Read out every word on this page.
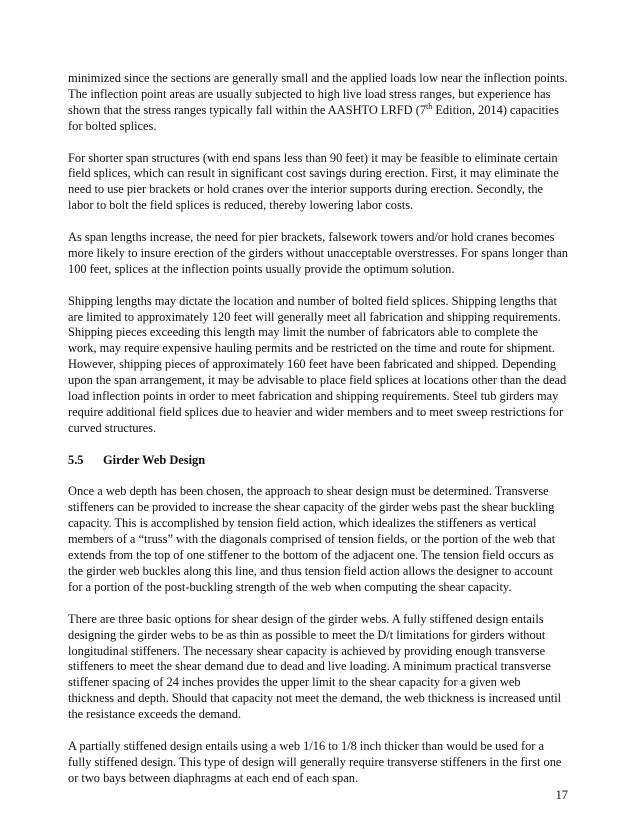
minimized since the sections are generally small and the applied loads low near the inflection points. The inflection point areas are usually subjected to high live load stress ranges, but experience has shown that the stress ranges typically fall within the AASHTO LRFD (7th Edition, 2014) capacities for bolted splices.

For shorter span structures (with end spans less than 90 feet) it may be feasible to eliminate certain field splices, which can result in significant cost savings during erection. First, it may eliminate the need to use pier brackets or hold cranes over the interior supports during erection. Secondly, the labor to bolt the field splices is reduced, thereby lowering labor costs.

As span lengths increase, the need for pier brackets, falsework towers and/or hold cranes becomes more likely to insure erection of the girders without unacceptable overstresses. For spans longer than 100 feet, splices at the inflection points usually provide the optimum solution.

Shipping lengths may dictate the location and number of bolted field splices. Shipping lengths that are limited to approximately 120 feet will generally meet all fabrication and shipping requirements. Shipping pieces exceeding this length may limit the number of fabricators able to complete the work, may require expensive hauling permits and be restricted on the time and route for shipment. However, shipping pieces of approximately 160 feet have been fabricated and shipped. Depending upon the span arrangement, it may be advisable to place field splices at locations other than the dead load inflection points in order to meet fabrication and shipping requirements. Steel tub girders may require additional field splices due to heavier and wider members and to meet sweep restrictions for curved structures.

5.5 Girder Web Design

Once a web depth has been chosen, the approach to shear design must be determined. Transverse stiffeners can be provided to increase the shear capacity of the girder webs past the shear buckling capacity. This is accomplished by tension field action, which idealizes the stiffeners as vertical members of a “truss” with the diagonals comprised of tension fields, or the portion of the web that extends from the top of one stiffener to the bottom of the adjacent one. The tension field occurs as the girder web buckles along this line, and thus tension field action allows the designer to account for a portion of the post-buckling strength of the web when computing the shear capacity.

There are three basic options for shear design of the girder webs. A fully stiffened design entails designing the girder webs to be as thin as possible to meet the D/t limitations for girders without longitudinal stiffeners. The necessary shear capacity is achieved by providing enough transverse stiffeners to meet the shear demand due to dead and live loading. A minimum practical transverse stiffener spacing of 24 inches provides the upper limit to the shear capacity for a given web thickness and depth. Should that capacity not meet the demand, the web thickness is increased until the resistance exceeds the demand.

A partially stiffened design entails using a web 1/16 to 1/8 inch thicker than would be used for a fully stiffened design. This type of design will generally require transverse stiffeners in the first one or two bays between diaphragms at each end of each span.

17
